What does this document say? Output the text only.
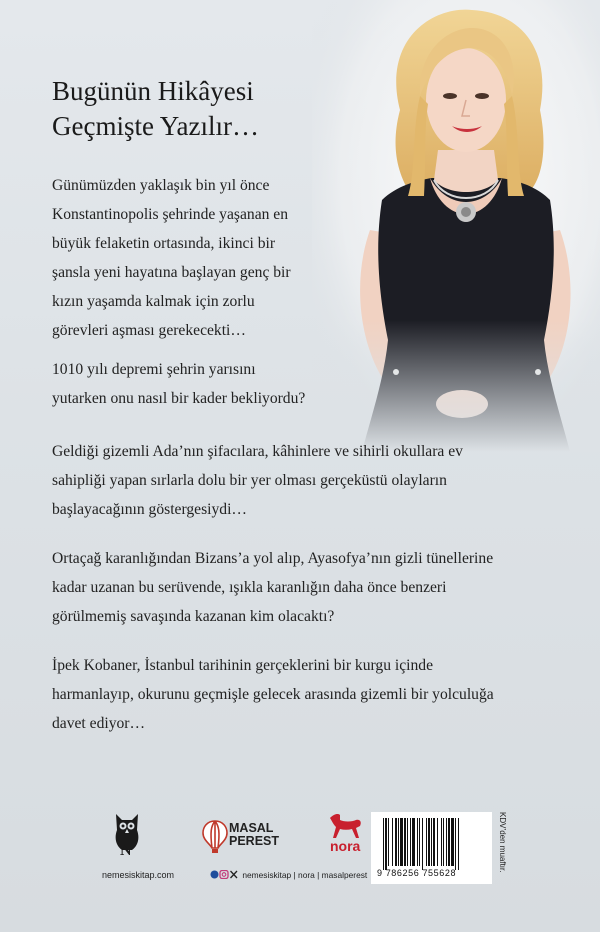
Bugünün Hikâyesi
Geçmişte Yazılır…

Günümüzden yaklaşık bin yıl önce
Konstantinopolis şehrinde yaşanan en
büyük felaketin ortasında, ikinci bir
şansla yeni hayatına başlayan genç bir
kızın yaşamda kalmak için zorlu
görevleri aşması gerekecekti…

1010 yılı depremi şehrin yarısını
yutarken onu nasıl bir kader bekliyordu?

Geldiği gizemli Ada’nın şifacılara, kâhinlere ve sihirli okullara ev
sahipliği yapan sırlarla dolu bir yer olması gerçeküstü olayların
başlayacağının göstergesiydi…

Ortaçağ karanlığından Bizans’a yol alıp, Ayasofya’nın gizli tünellerine
kadar uzanan bu serüvende, ışıkla karanlığın daha önce benzeri
görülmemiş savaşında kazanan kim olacaktı?

İpek Kobaner, İstanbul tarihinin gerçeklerini bir kurgu içinde
harmanlayıp, okurunu geçmişle gelecek arasında gizemli bir yolculuğa
davet ediyor…

N
MASAL
PEREST	nora
nemesiskitap.com	nemesiskitap | nora | masalperest 9 786256 755628
KDV’den muaftır.
